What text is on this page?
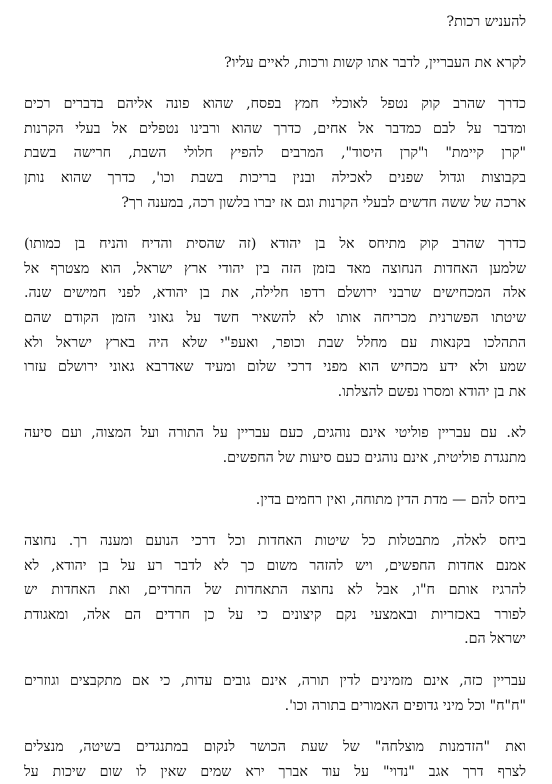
להעניש רכות?
לקרא את העבריין, לדבר אתו קשות ורכות, לאיים עליו?
כדרך שהרב קוק נטפל לאוכלי חמץ בפסח, שהוא פונה אליהם בדברים רכים
ומדבר על לבם כמדבר אל אחים, כדרך שהוא ורבינו נטפלים אל בעלי הקרנות
"קרן קיימת" ו"קרן היסוד", המרבים להפיץ חלולי השבת, חרישה בשבת
בקבוצות וגדול שפנים לאכילה ובנין בריכות בשבת וכו', כדרך שהוא נותן
ארכה של ששה חדשים לבעלי הקרנות וגם אז יברו בלשון רכה, במענה רך?
כדרך שהרב קוק מתיחס אל בן יהודא (זה שהסית והדיח והניח בן כמותו)
שלמען האחדות הנחוצה מאד בזמן הזה בין יהודי ארץ ישראל, הוא מצטרף אל
אלה המכחישים שרבני ירושלם רדפו חלילה, את בן יהודא, לפני חמישים שנה.
שיטתו הפשרנית מכריחה אותו לא להשאיר חשד על גאוני הזמן הקודם שהם
התהלכו בקנאות עם מחלל שבת וכופר, ואעפ"י שלא היה בארץ ישראל ולא
שמע ולא ידע מכחיש הוא מפני דרכי שלום ומעיד שאדרבא גאוני ירושלם עזרו
את בן יהודא ומסרו נפשם להצלתו.
לא. עם עבריין פוליטי אינם נוהגים, כעם עבריין על התורה ועל המצוה, ועם סיעה
מתנגדת פוליטית, אינם נוהגים כעם סיעות של החפשים.
ביחס להם — מדת הדין מתוחה, ואין רחמים בדין.
ביחס לאלה, מתבטלות כל שיטות האחדות וכל דרכי הנועם ומענה רך. נחוצה
אמנם אחדות החפשים, ויש להזהר משום כך לא לדבר רע על בן יהודא, לא
להרגיז אותם ח"ו, אבל לא נחוצה התאחדות של החרדים, ואת האחדות יש
לפורר באכזריות ובאמצעי נקם קיצונים כי על כן חרדים הם אלה, ומאגודת
ישראל הם.
עבריין כזה, אינם מזמינים לדין תורה, אינם גובים עדות, כי אם מתקבצים וגוזרים
"ח"ח" וכל מיני גדופים האמורים בתורה וכו'.
ואת "הזדמנות מוצלחה" של שעת הכושר לנקום במתנגדים בשיטה, מנצלים
לצרף דרך אגב "נדוי" על עוד אברך ירא שמים שאין לו שום שיכות על
